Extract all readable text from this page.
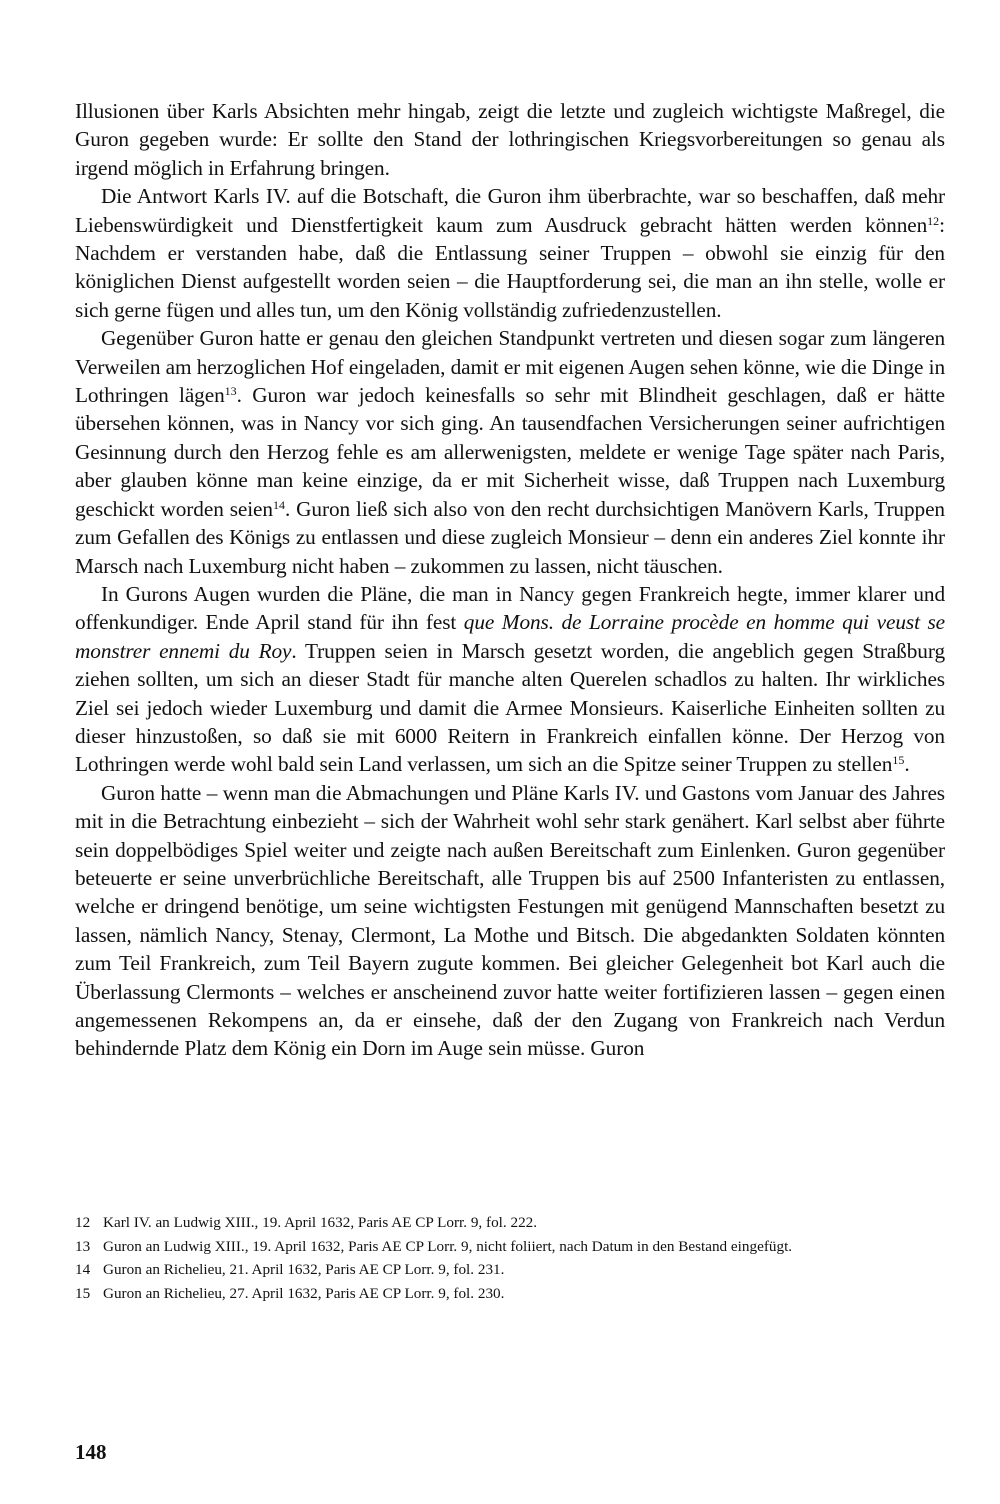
Illusionen über Karls Absichten mehr hingab, zeigt die letzte und zugleich wichtigste Maßregel, die Guron gegeben wurde: Er sollte den Stand der lothringischen Kriegsvorbereitungen so genau als irgend möglich in Erfahrung bringen.

Die Antwort Karls IV. auf die Botschaft, die Guron ihm überbrachte, war so beschaffen, daß mehr Liebenswürdigkeit und Dienstfertigkeit kaum zum Ausdruck gebracht hätten werden können$^{12}$: Nachdem er verstanden habe, daß die Entlassung seiner Truppen – obwohl sie einzig für den königlichen Dienst aufgestellt worden seien – die Hauptforderung sei, die man an ihn stelle, wolle er sich gerne fügen und alles tun, um den König vollständig zufriedenzustellen.

Gegenüber Guron hatte er genau den gleichen Standpunkt vertreten und diesen sogar zum längeren Verweilen am herzoglichen Hof eingeladen, damit er mit eigenen Augen sehen könne, wie die Dinge in Lothringen lägen$^{13}$. Guron war jedoch keinesfalls so sehr mit Blindheit geschlagen, daß er hätte übersehen können, was in Nancy vor sich ging. An tausendfachen Versicherungen seiner aufrichtigen Gesinnung durch den Herzog fehle es am allerwenigsten, meldete er wenige Tage später nach Paris, aber glauben könne man keine einzige, da er mit Sicherheit wisse, daß Truppen nach Luxemburg geschickt worden seien$^{14}$. Guron ließ sich also von den recht durchsichtigen Manövern Karls, Truppen zum Gefallen des Königs zu entlassen und diese zugleich Monsieur – denn ein anderes Ziel konnte ihr Marsch nach Luxemburg nicht haben – zukommen zu lassen, nicht täuschen.

In Gurons Augen wurden die Pläne, die man in Nancy gegen Frankreich hegte, immer klarer und offenkundiger. Ende April stand für ihn fest que Mons. de Lorraine procède en homme qui veust se monstrer ennemi du Roy. Truppen seien in Marsch gesetzt worden, die angeblich gegen Straßburg ziehen sollten, um sich an dieser Stadt für manche alten Querelen schadlos zu halten. Ihr wirkliches Ziel sei jedoch wieder Luxemburg und damit die Armee Monsieurs. Kaiserliche Einheiten sollten zu dieser hinzustoßen, so daß sie mit 6000 Reitern in Frankreich einfallen könne. Der Herzog von Lothringen werde wohl bald sein Land verlassen, um sich an die Spitze seiner Truppen zu stellen$^{15}$.

Guron hatte – wenn man die Abmachungen und Pläne Karls IV. und Gastons vom Januar des Jahres mit in die Betrachtung einbezieht – sich der Wahrheit wohl sehr stark genähert. Karl selbst aber führte sein doppelbödiges Spiel weiter und zeigte nach außen Bereitschaft zum Einlenken. Guron gegenüber beteuerte er seine unverbrüchliche Bereitschaft, alle Truppen bis auf 2500 Infanteristen zu entlassen, welche er dringend benötige, um seine wichtigsten Festungen mit genügend Mannschaften besetzt zu lassen, nämlich Nancy, Stenay, Clermont, La Mothe und Bitsch. Die abgedankten Soldaten könnten zum Teil Frankreich, zum Teil Bayern zugute kommen. Bei gleicher Gelegenheit bot Karl auch die Überlassung Clermonts – welches er anscheinend zuvor hatte weiter fortifizieren lassen – gegen einen angemessenen Rekompens an, da er einsehe, daß der den Zugang von Frankreich nach Verdun behindernde Platz dem König ein Dorn im Auge sein müsse. Guron

12 Karl IV. an Ludwig XIII., 19. April 1632, Paris AE CP Lorr. 9, fol. 222.
13 Guron an Ludwig XIII., 19. April 1632, Paris AE CP Lorr. 9, nicht foliiert, nach Datum in den Bestand eingefügt.
14 Guron an Richelieu, 21. April 1632, Paris AE CP Lorr. 9, fol. 231.
15 Guron an Richelieu, 27. April 1632, Paris AE CP Lorr. 9, fol. 230.
148
